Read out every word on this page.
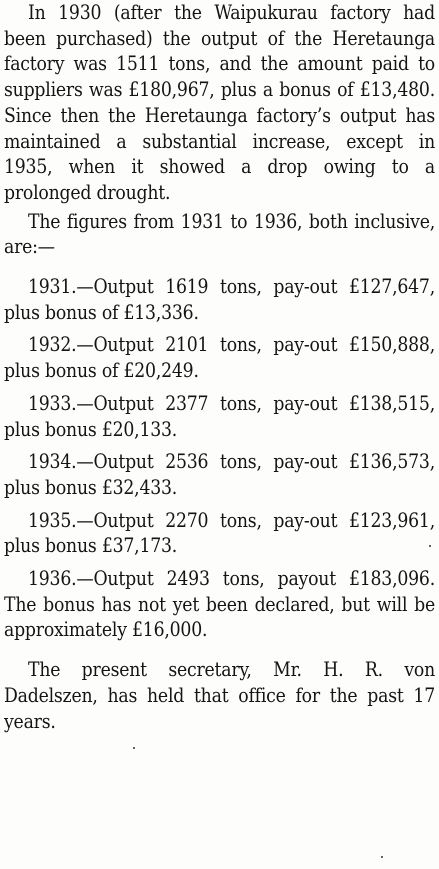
In 1930 (after the Waipukurau factory had been purchased) the output of the Heretaunga factory was 1511 tons, and the amount paid to suppliers was £180,967, plus a bonus of £13,480. Since then the Heretaunga factory’s output has maintained a substantial increase, except in 1935, when it showed a drop owing to a prolonged drought.

The figures from 1931 to 1936, both inclusive, are:—

1931.—Output 1619 tons, pay-out £127,647, plus bonus of £13,336.

1932.—Output 2101 tons, pay-out £150,888, plus bonus of £20,249.

1933.—Output 2377 tons, pay-out £138,515, plus bonus £20,133.

1934.—Output 2536 tons, pay-out £136,573, plus bonus £32,433.

1935.—Output 2270 tons, pay-out £123,961, plus bonus £37,173.

1936.—Output 2493 tons, payout £183,096. The bonus has not yet been declared, but will be approximately £16,000.

The present secretary, Mr. H. R. von Dadelszen, has held that office for the past 17 years.
